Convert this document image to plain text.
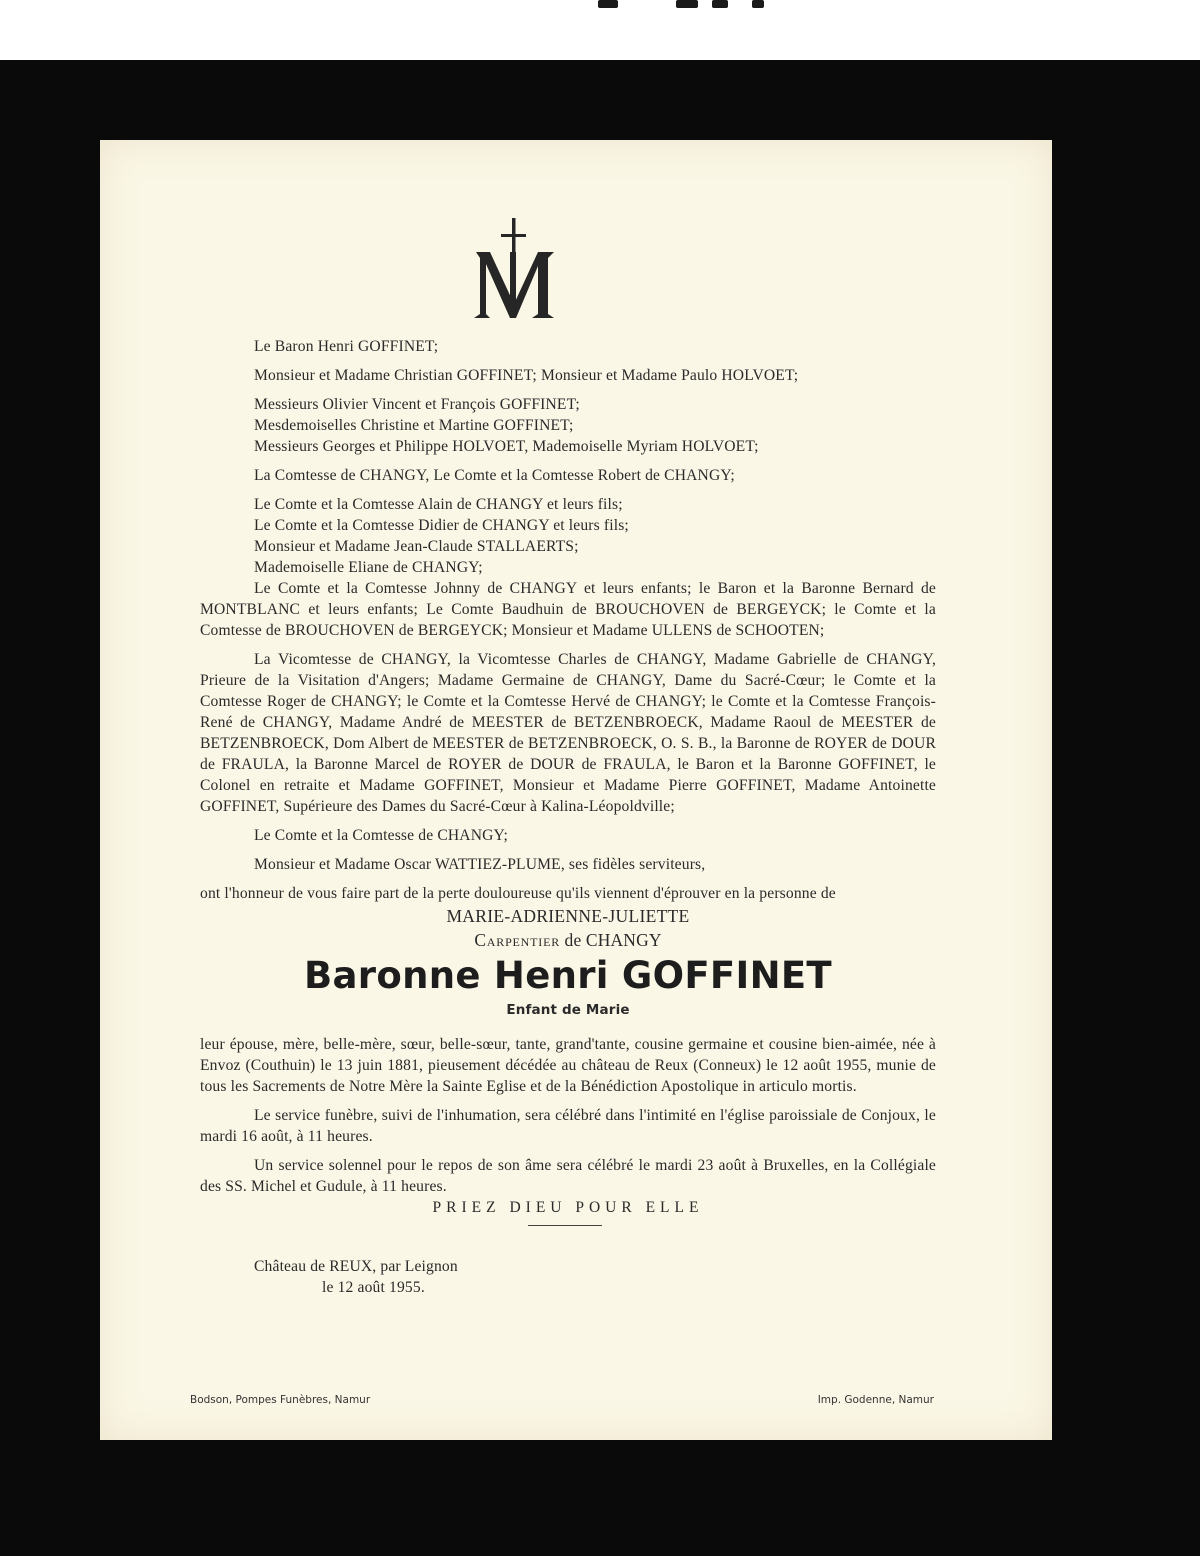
Le Baron Henri GOFFINET;

Monsieur et Madame Christian GOFFINET; Monsieur et Madame Paulo HOLVOET;

Messieurs Olivier Vincent et François GOFFINET;

Mesdemoiselles Christine et Martine GOFFINET;

Messieurs Georges et Philippe HOLVOET, Mademoiselle Myriam HOLVOET;

La Comtesse de CHANGY, Le Comte et la Comtesse Robert de CHANGY;

Le Comte et la Comtesse Alain de CHANGY et leurs fils;

Le Comte et la Comtesse Didier de CHANGY et leurs fils;

Monsieur et Madame Jean-Claude STALLAERTS;

Mademoiselle Eliane de CHANGY;

Le Comte et la Comtesse Johnny de CHANGY et leurs enfants; le Baron et la Baronne Bernard de MONTBLANC et leurs enfants; Le Comte Baudhuin de BROUCHOVEN de BERGEYCK; le Comte et la Comtesse de BROUCHOVEN de BERGEYCK; Monsieur et Madame ULLENS de SCHOOTEN;

La Vicomtesse de CHANGY, la Vicomtesse Charles de CHANGY, Madame Gabrielle de CHANGY, Prieure de la Visitation d'Angers; Madame Germaine de CHANGY, Dame du Sacré-Cœur; le Comte et la Comtesse Roger de CHANGY; le Comte et la Comtesse Hervé de CHANGY; le Comte et la Comtesse François-René de CHANGY, Madame André de MEESTER de BETZENBROECK, Madame Raoul de MEESTER de BETZENBROECK, Dom Albert de MEESTER de BETZENBROECK, O. S. B., la Baronne de ROYER de DOUR de FRAULA, la Baronne Marcel de ROYER de DOUR de FRAULA, le Baron et la Baronne GOFFINET, le Colonel en retraite et Madame GOFFINET, Monsieur et Madame Pierre GOFFINET, Madame Antoinette GOFFINET, Supérieure des Dames du Sacré-Cœur à Kalina-Léopoldville;

Le Comte et la Comtesse de CHANGY;

Monsieur et Madame Oscar WATTIEZ-PLUME, ses fidèles serviteurs,

ont l'honneur de vous faire part de la perte douloureuse qu'ils viennent d'éprouver en la personne de

MARIE-ADRIENNE-JULIETTE

Carpentier de CHANGY

Baronne Henri GOFFINET

Enfant de Marie

leur épouse, mère, belle-mère, sœur, belle-sœur, tante, grand'tante, cousine germaine et cousine bien-aimée, née à Envoz (Couthuin) le 13 juin 1881, pieusement décédée au château de Reux (Conneux) le 12 août 1955, munie de tous les Sacrements de Notre Mère la Sainte Eglise et de la Bénédiction Apostolique in articulo mortis.

Le service funèbre, suivi de l'inhumation, sera célébré dans l'intimité en l'église paroissiale de Conjoux, le mardi 16 août, à 11 heures.

Un service solennel pour le repos de son âme sera célébré le mardi 23 août à Bruxelles, en la Collégiale des SS. Michel et Gudule, à 11 heures.

PRIEZ DIEU POUR ELLE

Château de REUX, par Leignon
le 12 août 1955.
Bodson, Pompes Funèbres, Namur	Imp. Godenne, Namur
